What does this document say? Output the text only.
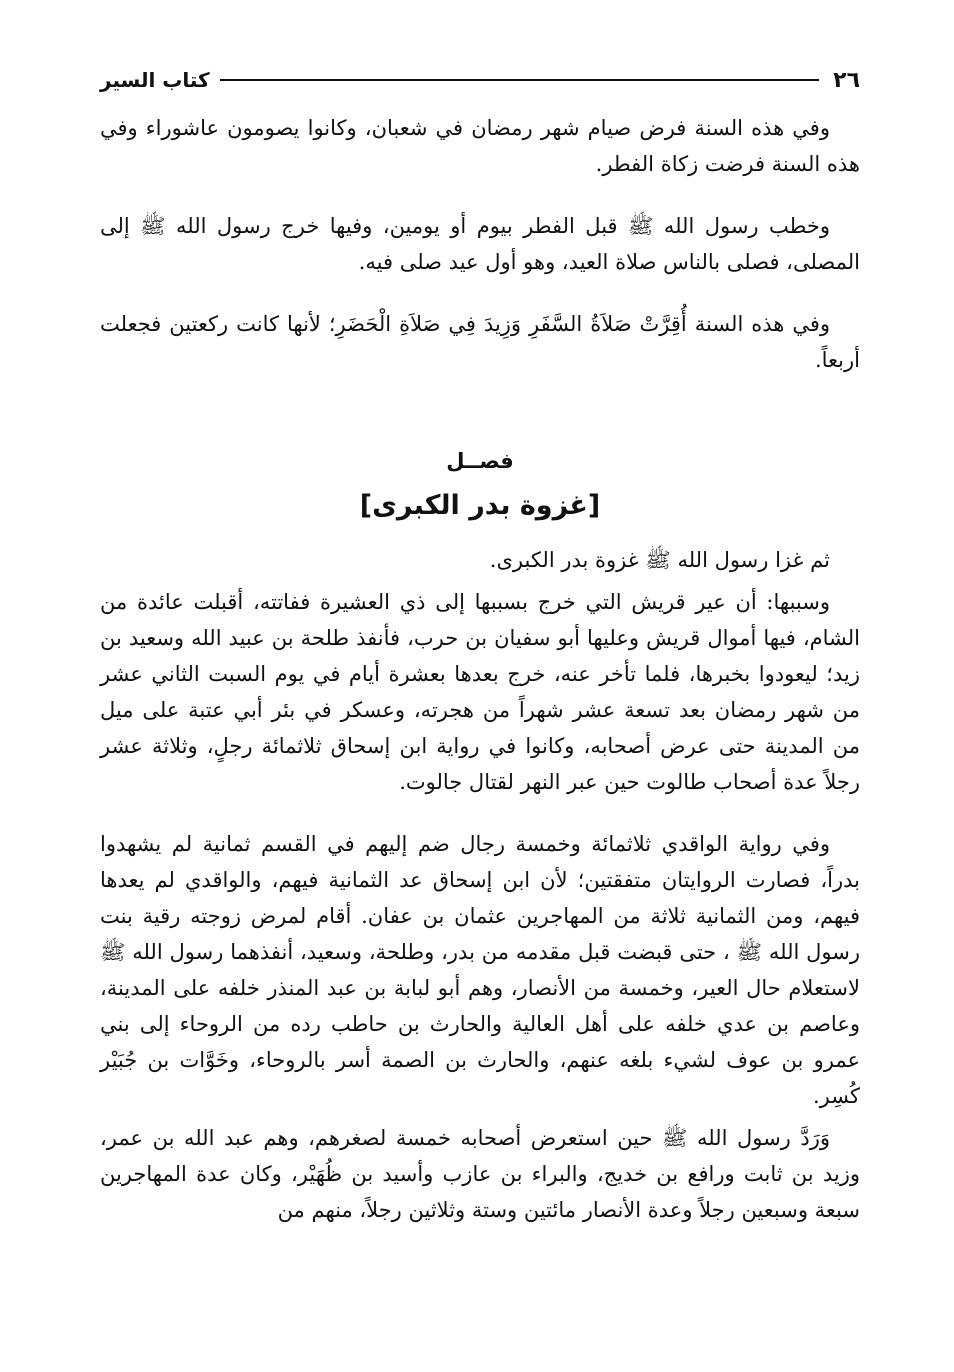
٢٦
كتاب السير

وفي هذه السنة فرض صيام شهر رمضان في شعبان، وكانوا يصومون عاشوراء وفي هذه السنة فرضت زكاة الفطر.

وخطب رسول الله ﷺ قبل الفطر بيوم أو يومين، وفيها خرج رسول الله ﷺ إلى المصلى، فصلى بالناس صلاة العيد، وهو أول عيد صلى فيه.

وفي هذه السنة أُقِرَّتْ صَلاَةُ السَّفَرِ وَزِيدَ فِي صَلاَةِ الْحَضَرِ؛ لأنها كانت ركعتين فجعلت أربعاً.

فصــل
[غزوة بدر الكبرى]

ثم غزا رسول الله ﷺ غزوة بدر الكبرى.

وسببها: أن عير قريش التي خرج بسببها إلى ذي العشيرة ففاتته، أقبلت عائدة من الشام، فيها أموال قريش وعليها أبو سفيان بن حرب، فأنفذ طلحة بن عبيد الله وسعيد بن زيد؛ ليعودوا بخبرها، فلما تأخر عنه، خرج بعدها بعشرة أيام في يوم السبت الثاني عشر من شهر رمضان بعد تسعة عشر شهراً من هجرته، وعسكر في بئر أبي عتبة على ميل من المدينة حتى عرض أصحابه، وكانوا في رواية ابن إسحاق ثلاثمائة رجلٍ، وثلاثة عشر رجلاً عدة أصحاب طالوت حين عبر النهر لقتال جالوت.

وفي رواية الواقدي ثلاثمائة وخمسة رجال ضم إليهم في القسم ثمانية لم يشهدوا بدراً، فصارت الروايتان متفقتين؛ لأن ابن إسحاق عد الثمانية فيهم، والواقدي لم يعدها فيهم، ومن الثمانية ثلاثة من المهاجرين عثمان بن عفان. أقام لمرض زوجته رقية بنت رسول الله ﷺ ، حتى قبضت قبل مقدمه من بدر، وطلحة، وسعيد، أنفذهما رسول الله ﷺ لاستعلام حال العير، وخمسة من الأنصار، وهم أبو لبابة بن عبد المنذر خلفه على المدينة، وعاصم بن عدي خلفه على أهل العالية والحارث بن حاطب رده من الروحاء إلى بني عمرو بن عوف لشيء بلغه عنهم، والحارث بن الصمة أسر بالروحاء، وخَوَّات بن جُبَيْر كُسِر.

وَرَدَّ رسول الله ﷺ حين استعرض أصحابه خمسة لصغرهم، وهم عبد الله بن عمر، وزيد بن ثابت ورافع بن خديج، والبراء بن عازب وأسيد بن ظُهَيْر، وكان عدة المهاجرين سبعة وسبعين رجلاً وعدة الأنصار مائتين وستة وثلاثين رجلاً، منهم من
